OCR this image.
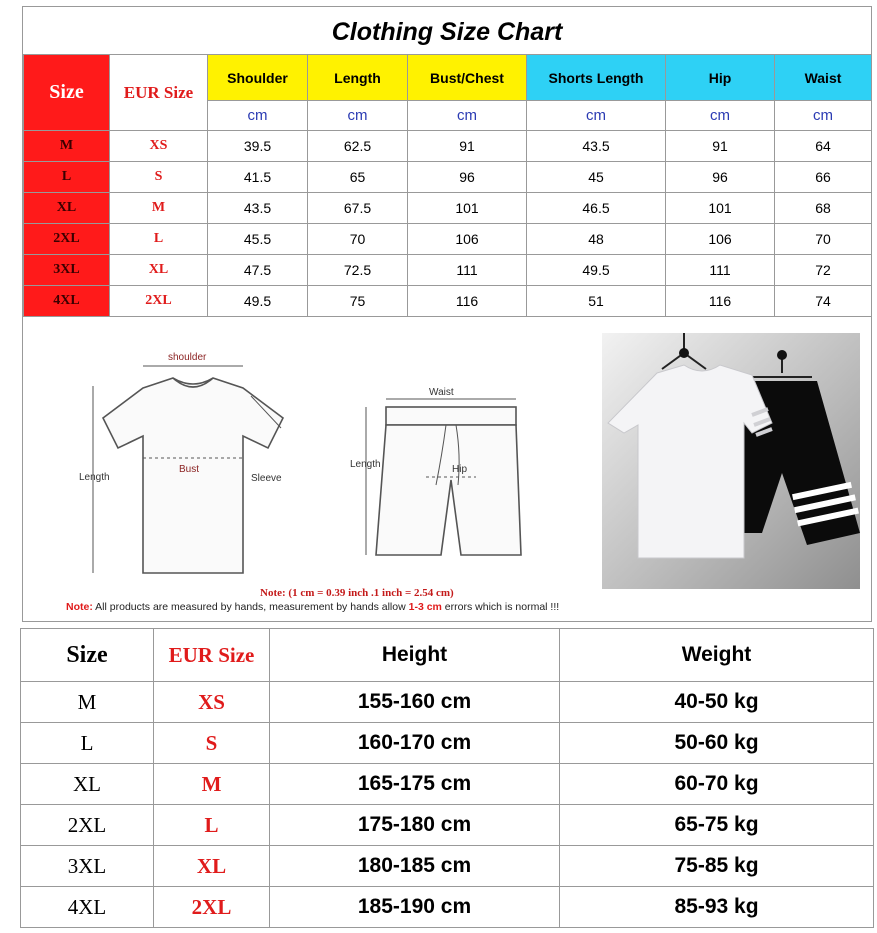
Clothing Size Chart
Size	EUR Size	Shoulder	Length	Bust/Chest	Shorts Length	Hip	Waist
		cm	cm	cm	cm	cm	cm
M	XS	39.5	62.5	91	43.5	91	64
L	S	41.5	65	96	45	96	66
XL	M	43.5	67.5	101	46.5	101	68
2XL	L	45.5	70	106	48	106	70
3XL	XL	47.5	72.5	111	49.5	111	72
4XL	2XL	49.5	75	116	51	116	74
shoulder
Length
Bust
Sleeve
Waist
Length	Hip
Note: (1 cm = 0.39 inch .1 inch = 2.54 cm)
Note: All products are measured by hands, measurement by hands allow 1-3 cm errors which is normal !!!
Size	EUR Size	Height	Weight
M	XS	155-160 cm	40-50 kg
L	S	160-170 cm	50-60 kg
XL	M	165-175 cm	60-70 kg
2XL	L	175-180 cm	65-75 kg
3XL	XL	180-185 cm	75-85 kg
4XL	2XL	185-190 cm	85-93 kg
